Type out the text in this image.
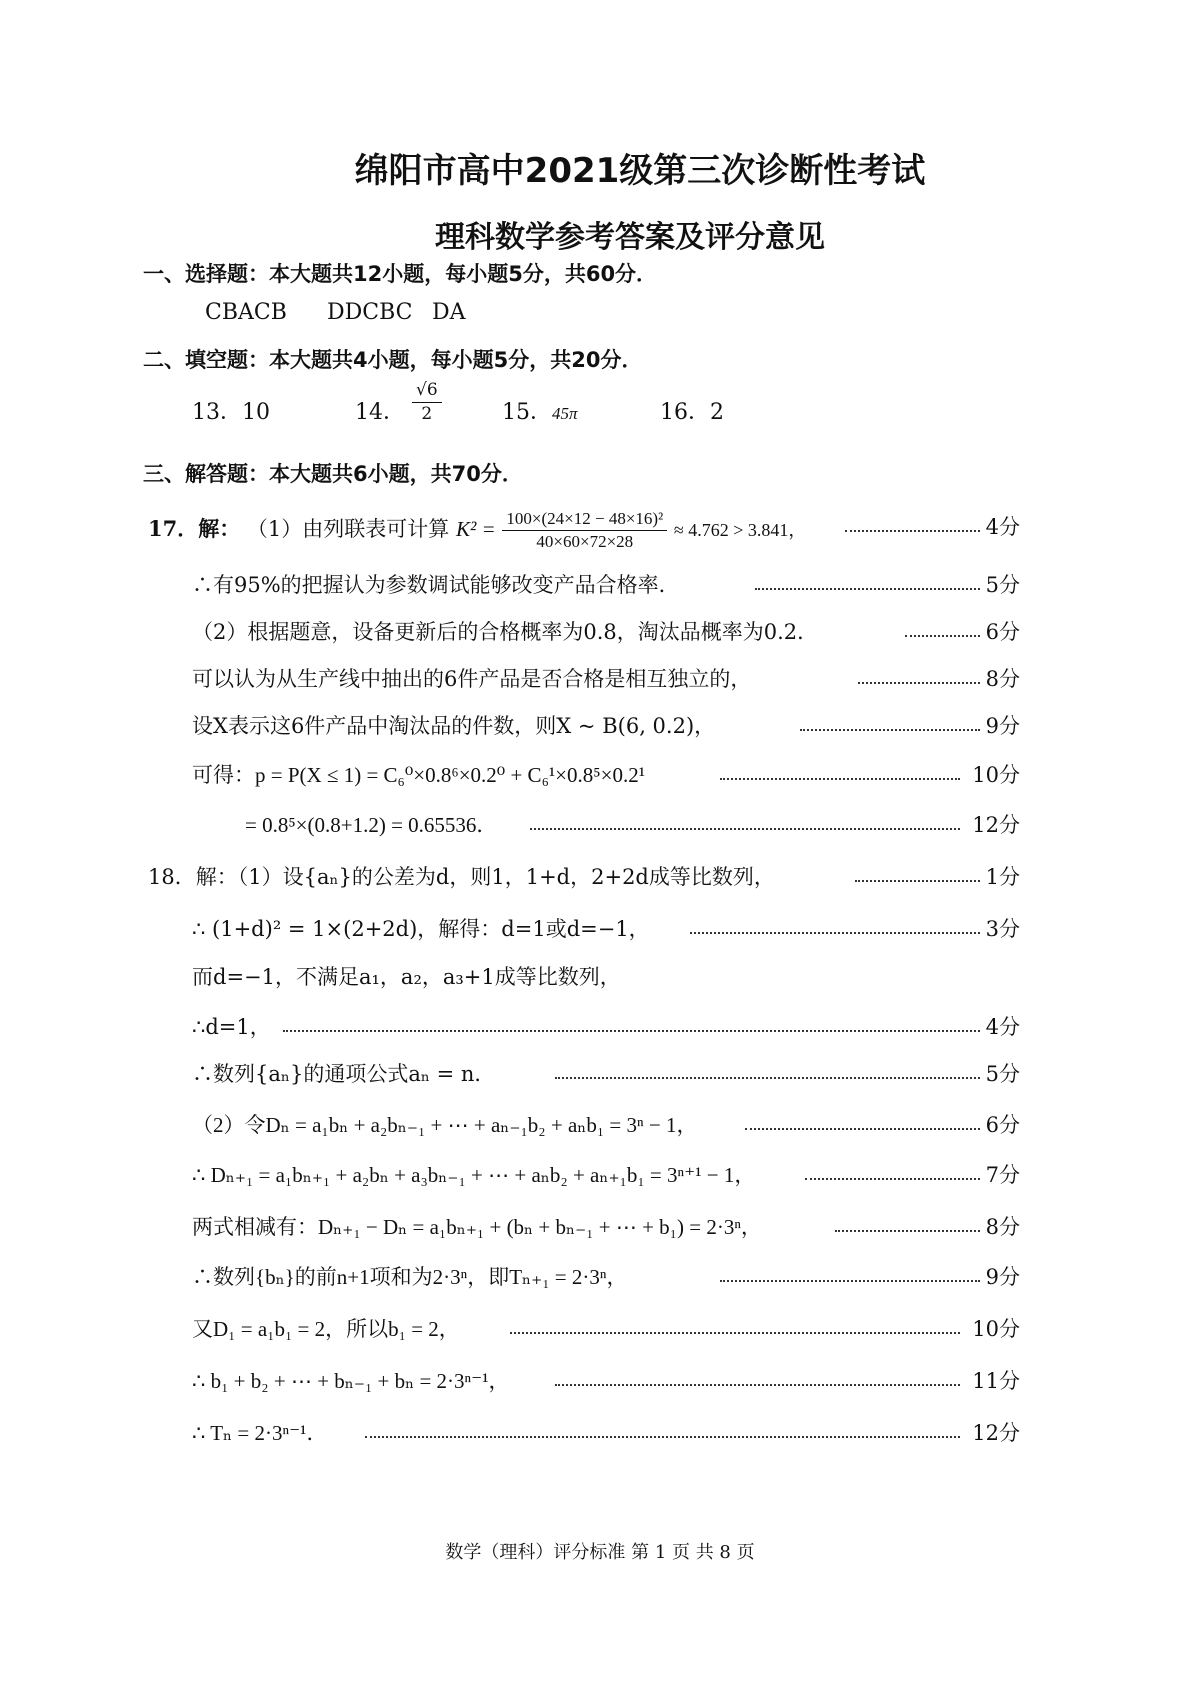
绵阳市高中2021级第三次诊断性考试
理科数学参考答案及评分意见
一、选择题：本大题共12小题，每小题5分，共60分．
CBACB DDCBC DA
二、填空题：本大题共4小题，每小题5分，共20分．
13．10	14． $\frac{√6}{2}$	15．45π	16．2
三、解答题：本大题共6小题，共70分．
17．解： （1）由列联表可计算 $K^2 = \frac{\text{100×(24×12 − 48×16)²}}{40\times 60\times 72\times 28} \approx 4.762 > 3.841$，	4分
∴有95%的把握认为参数调试能够改变产品合格率．	5分
（2）根据题意，设备更新后的合格概率为0.8，淘汰品概率为0.2．	6分
可以认为从生产线中抽出的6件产品是否合格是相互独立的，	8分
设X表示这6件产品中淘汰品的件数，则X ~ B(6, 0.2)，	9分
可得：p = P(X ≤ 1) = C₆⁰×0.8⁶×0.2⁰ + C₆¹×0.8⁵×0.2¹	10分
= 0.8⁵×(0.8+1.2) = 0.65536．	12分
18．解：（1）设{aₙ}的公差为d，则1，1+d，2+2d成等比数列，	1分
∴ (1+d)² = 1×(2+2d)，解得：d=1或d=−1，	3分
而d=−1，不满足a₁，a₂，a₃+1成等比数列，
∴d=1，	4分
∴数列{aₙ}的通项公式aₙ = n．	5分
（2）令Dₙ = a₁bₙ + a₂bₙ₋₁ + ⋯ + aₙ₋₁b₂ + aₙb₁ = 3ⁿ − 1，	6分
∴ Dₙ₊₁ = a₁bₙ₊₁ + a₂bₙ + a₃bₙ₋₁ + ⋯ + aₙb₂ + aₙ₊₁b₁ = 3ⁿ⁺¹ − 1，	7分
两式相减有：Dₙ₊₁ − Dₙ = a₁bₙ₊₁ + (bₙ + bₙ₋₁ + ⋯ + b₁) = 2·3ⁿ，	8分
∴数列{bₙ}的前n+1项和为2·3ⁿ，即Tₙ₊₁ = 2·3ⁿ，	9分
又D₁ = a₁b₁ = 2，所以b₁ = 2，	10分
∴ b₁ + b₂ + ⋯ + bₙ₋₁ + bₙ = 2·3ⁿ⁻¹，	11分
∴ Tₙ = 2·3ⁿ⁻¹．	12分
数学（理科）评分标准 第 1 页 共 8 页
